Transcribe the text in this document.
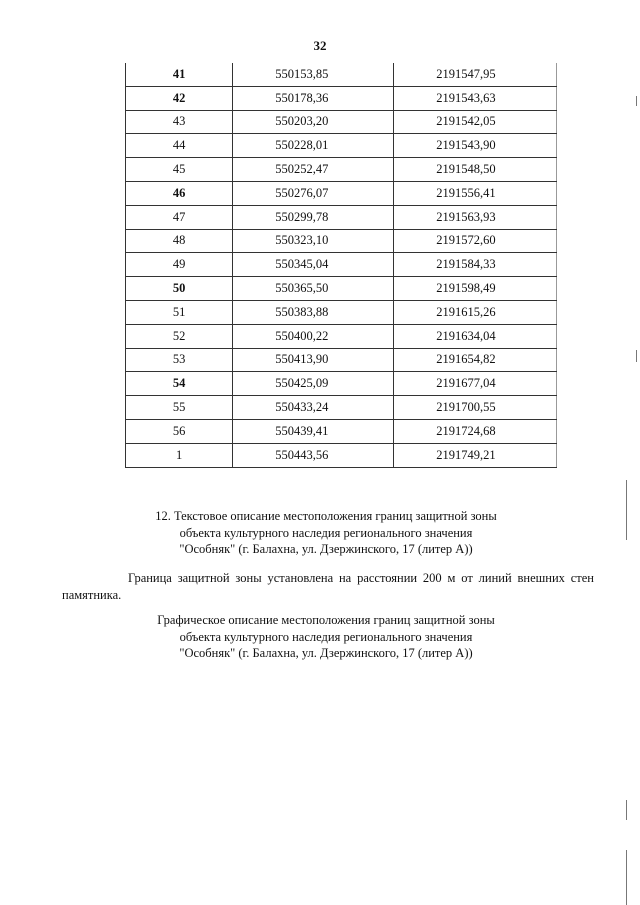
32
41	550153,85	2191547,95
42	550178,36	2191543,63
43	550203,20	2191542,05
44	550228,01	2191543,90
45	550252,47	2191548,50
46	550276,07	2191556,41
47	550299,78	2191563,93
48	550323,10	2191572,60
49	550345,04	2191584,33
50	550365,50	2191598,49
51	550383,88	2191615,26
52	550400,22	2191634,04
53	550413,90	2191654,82
54	550425,09	2191677,04
55	550433,24	2191700,55
56	550439,41	2191724,68
1	550443,56	2191749,21
12. Текстовое описание местоположения границ защитной зоны
объекта культурного наследия регионального значения
"Особняк" (г. Балахна, ул. Дзержинского, 17 (литер А))
Граница защитной зоны установлена на расстоянии 200 м от линий внешних стен памятника.
Графическое описание местоположения границ защитной зоны
объекта культурного наследия регионального значения
"Особняк" (г. Балахна, ул. Дзержинского, 17 (литер А))
